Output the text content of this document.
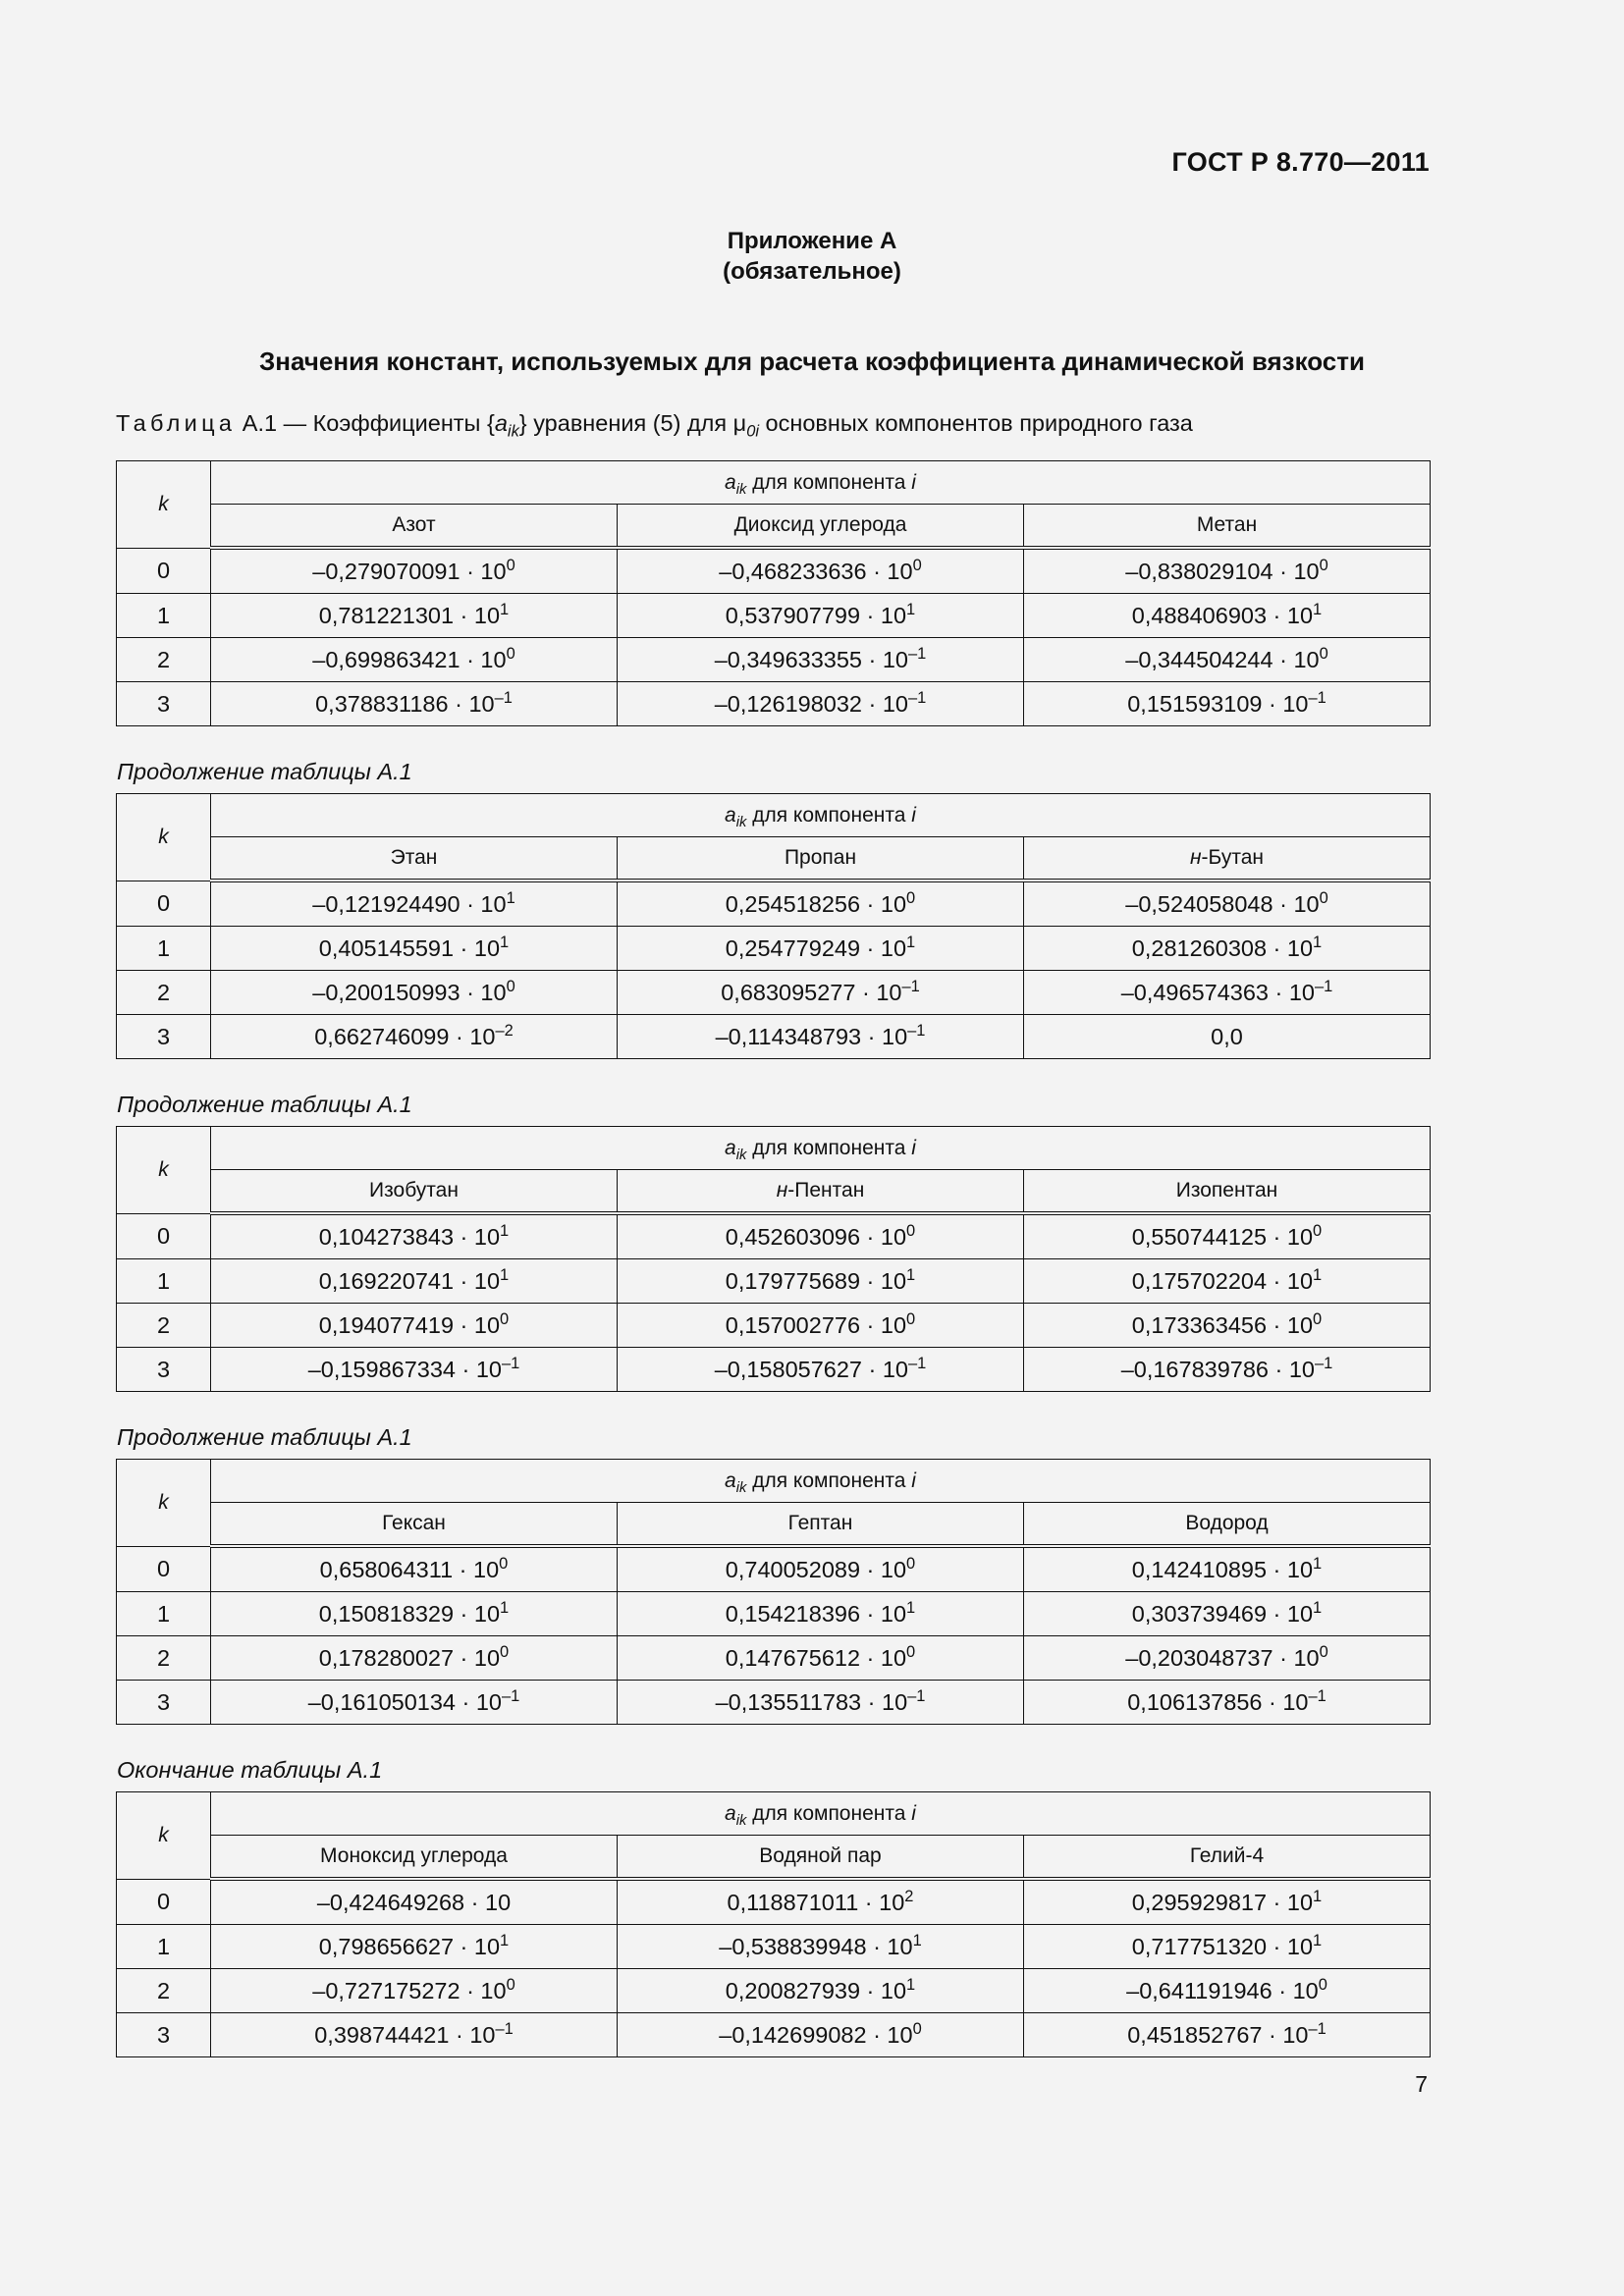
ГОСТ Р 8.770—2011
Приложение А
(обязательное)
Значения констант, используемых для расчета коэффициента динамической вязкости
Таблица А.1 — Коэффициенты $\{a_{ik}\}$ уравнения (5) для $\mu_{0i}$ основных компонентов природного газа
k	$a_{ik}$ для компонента i		
	Азот	Диоксид углерода	Метан
0	$-0,279070091 \cdot 10^0$	$-0,468233636 \cdot 10^0$	$-0,838029104 \cdot 10^0$
1	$0,781221301 \cdot 10^1$	$0,537907799 \cdot 10^1$	$0,488406903 \cdot 10^1$
2	$-0,699863421 \cdot 10^0$	$-0,349633355 \cdot 10^{-1}$	$-0,344504244 \cdot 10^0$
3	$0,378831186 \cdot 10^{-1}$	$-0,126198032 \cdot 10^{-1}$	$0,151593109 \cdot 10^{-1}$
Продолжение таблицы А.1
k	$a_{ik}$ для компонента i		
	Этан	Пропан	н-Бутан
0	$-0,121924490 \cdot 10^1$	$0,254518256 \cdot 10^0$	$-0,524058048 \cdot 10^0$
1	$0,405145591 \cdot 10^1$	$0,254779249 \cdot 10^1$	$0,281260308 \cdot 10^1$
2	$-0,200150993 \cdot 10^0$	$0,683095277 \cdot 10^{-1}$	$-0,496574363 \cdot 10^{-1}$
3	$0,662746099 \cdot 10^{-2}$	$-0,114348793 \cdot 10^{-1}$	0,0
Продолжение таблицы А.1
k	$a_{ik}$ для компонента i		
	Изобутан	н-Пентан	Изопентан
0	$0,104273843 \cdot 10^1$	$0,452603096 \cdot 10^0$	$0,550744125 \cdot 10^0$
1	$0,169220741 \cdot 10^1$	$0,179775689 \cdot 10^1$	$0,175702204 \cdot 10^1$
2	$0,194077419 \cdot 10^0$	$0,157002776 \cdot 10^0$	$0,173363456 \cdot 10^0$
3	$-0,159867334 \cdot 10^{-1}$	$-0,158057627 \cdot 10^{-1}$	$-0,167839786 \cdot 10^{-1}$
Продолжение таблицы А.1
k	$a_{ik}$ для компонента i		
	Гексан	Гептан	Водород
0	$0,658064311 \cdot 10^0$	$0,740052089 \cdot 10^0$	$0,142410895 \cdot 10^1$
1	$0,150818329 \cdot 10^1$	$0,154218396 \cdot 10^1$	$0,303739469 \cdot 10^1$
2	$0,178280027 \cdot 10^0$	$0,147675612 \cdot 10^0$	$-0,203048737 \cdot 10^0$
3	$-0,161050134 \cdot 10^{-1}$	$-0,135511783 \cdot 10^{-1}$	$0,106137856 \cdot 10^{-1}$
Окончание таблицы А.1
k	$a_{ik}$ для компонента i		
	Моноксид углерода	Водяной пар	Гелий-4
0	–0,424649268 · 10	$0,118871011 \cdot 10^2$	$0,295929817 \cdot 10^1$
1	$0,798656627 \cdot 10^1$	$-0,538839948 \cdot 10^1$	$0,717751320 \cdot 10^1$
2	$-0,727175272 \cdot 10^0$	$0,200827939 \cdot 10^1$	$-0,641191946 \cdot 10^0$
3	$0,398744421 \cdot 10^{-1}$	$-0,142699082 \cdot 10^0$	$0,451852767 \cdot 10^{-1}$
7
